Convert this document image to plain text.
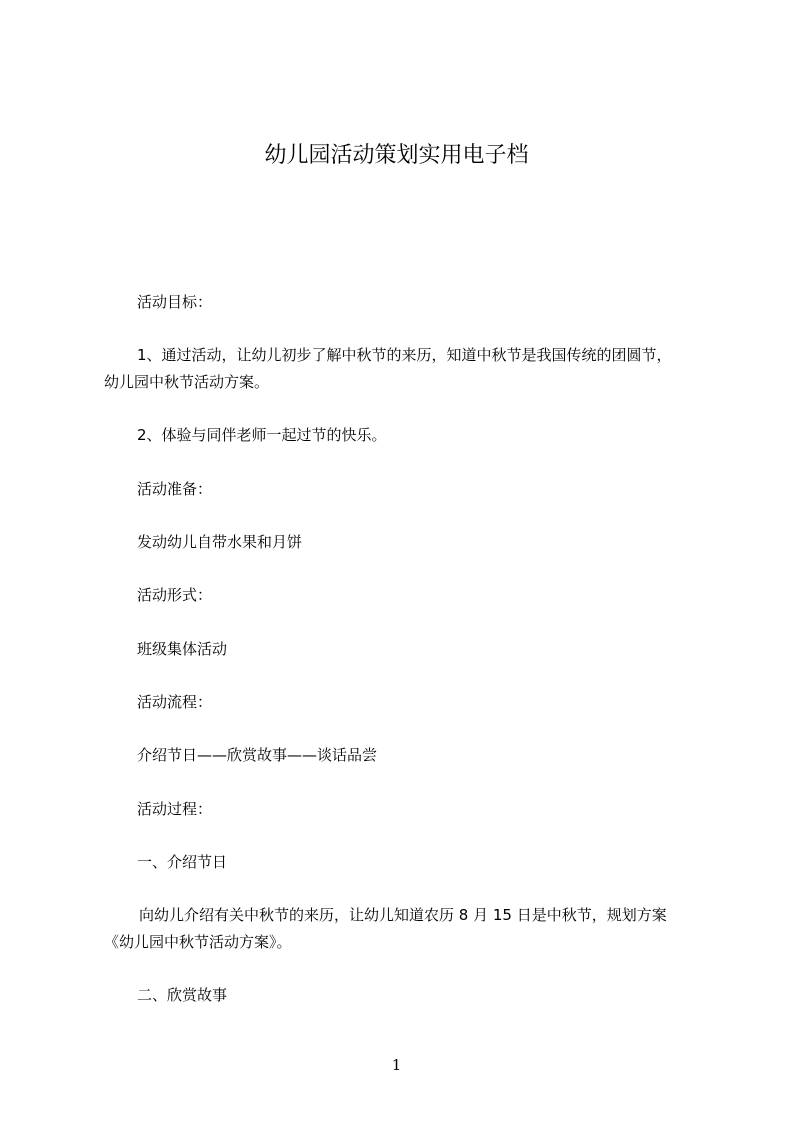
幼儿园活动策划实用电子档
活动目标：
1、通过活动，让幼儿初步了解中秋节的来历，知道中秋节是我国传统的团圆节，
幼儿园中秋节活动方案。
2、体验与同伴老师一起过节的快乐。
活动准备：
发动幼儿自带水果和月饼
活动形式：
班级集体活动
活动流程：
介绍节日——欣赏故事——谈话品尝
活动过程：
一、介绍节日
向幼儿介绍有关中秋节的来历，让幼儿知道农历 8 月 15 日是中秋节，规划方案
《幼儿园中秋节活动方案》。
二、欣赏故事
1
